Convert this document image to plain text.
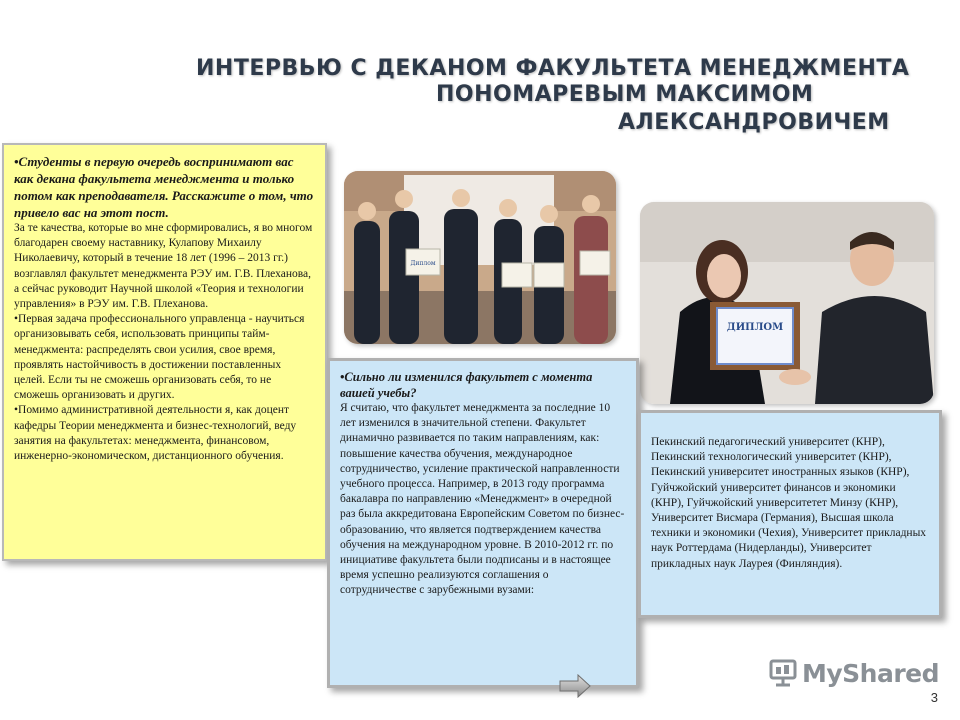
ИНТЕРВЬЮ С ДЕКАНОМ ФАКУЛЬТЕТА МЕНЕДЖМЕНТА
ПОНОМАРЕВЫМ МАКСИМОМ
АЛЕКСАНДРОВИЧЕМ

•Студенты в первую очередь воспринимают вас как декана факультета менеджмента и только потом как преподавателя. Расскажите о том, что привело вас на этот пост.

За те качества, которые во мне сформировались, я во многом благодарен своему наставнику, Кулапову Михаилу Николаевичу, который в течение 18 лет (1996 – 2013 гг.) возглавлял факультет менеджмента РЭУ им. Г.В. Плеханова, а сейчас руководит Научной школой «Теория и технологии управления» в РЭУ им. Г.В. Плеханова.

•Первая задача профессионального управленца - научиться организовывать себя, использовать принципы тайм-менеджмента: распределять свои усилия, свое время, проявлять настойчивость в достижении поставленных целей. Если ты не сможешь организовать себя, то не сможешь организовать и других.

•Помимо административной деятельности я, как доцент кафедры Теории менеджмента и бизнес-технологий, веду занятия на факультетах: менеджмента, финансовом, инженерно-экономическом, дистанционного обучения.

Диплом
ДИПЛОМ

•Сильно ли изменился факультет с момента вашей учебы?

Я считаю, что факультет менеджмента за последние 10 лет изменился в значительной степени. Факультет динамично развивается по таким направлениям, как: повышение качества обучения, международное сотрудничество, усиление практической направленности учебного процесса. Например, в 2013 году программа бакалавра по направлению «Менеджмент» в очередной раз была аккредитована Европейским Советом по бизнес-образованию, что является подтверждением качества обучения на международном уровне. В 2010-2012 гг. по инициативе факультета были подписаны и в настоящее время успешно реализуются соглашения о сотрудничестве с зарубежными вузами:

Пекинский педагогический университет (КНР), Пекинский технологический университет (КНР), Пекинский университет иностранных языков (КНР), Гуйчжойский университет финансов и экономики (КНР), Гуйчжойский университетет Минзу (КНР), Университет Висмара (Германия), Высшая школа техники и экономики (Чехия), Университет прикладных наук Роттердама (Нидерланды), Университет прикладных наук Лаурея (Финляндия).

MyShared
3
